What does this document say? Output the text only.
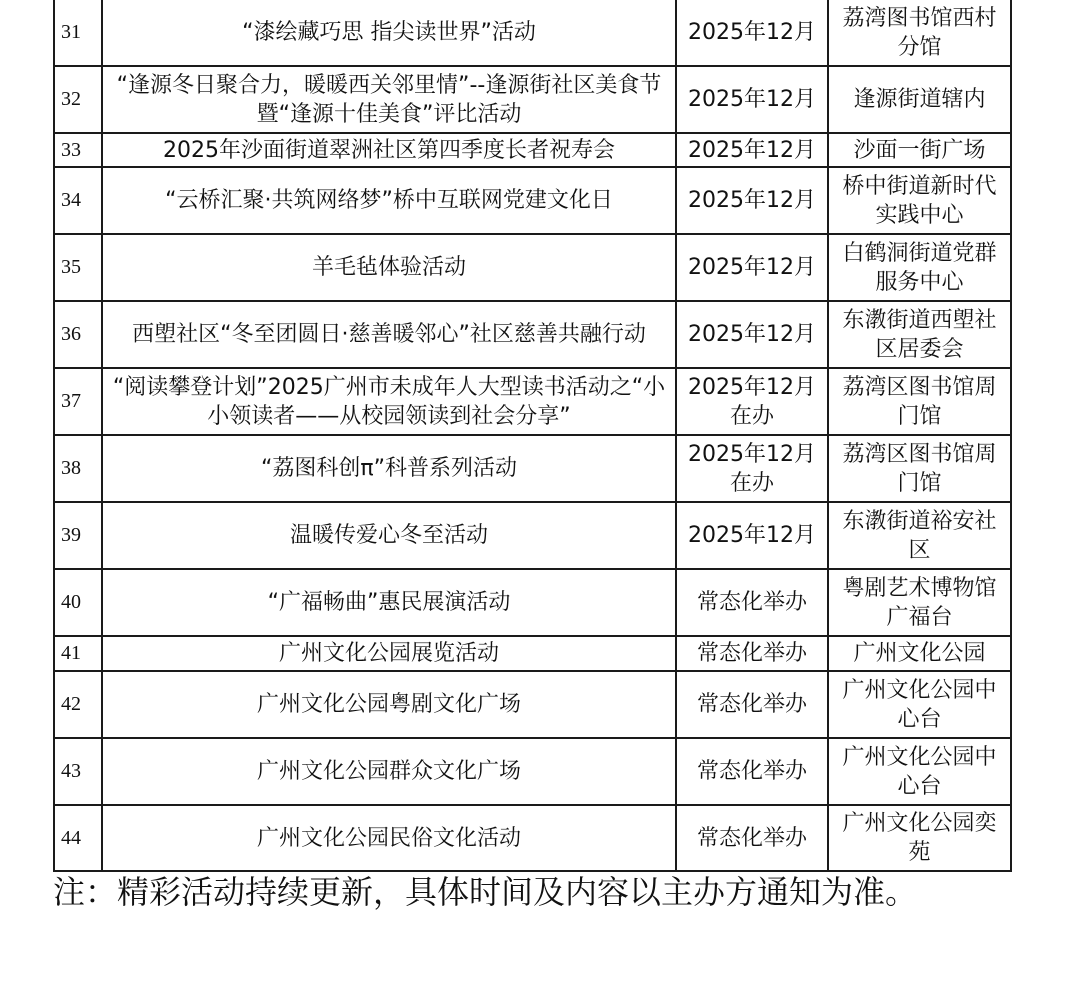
31	“漆绘藏巧思 指尖读世界”活动	2025年12月	荔湾图书馆西村分馆
32	“逢源冬日聚合力，暖暖西关邻里情”--逢源街社区美食节暨“逢源十佳美食”评比活动	2025年12月	逢源街道辖内
33	2025年沙面街道翠洲社区第四季度长者祝寿会	2025年12月	沙面一街广场
34	“云桥汇聚·共筑网络梦”桥中互联网党建文化日	2025年12月	桥中街道新时代实践中心
35	羊毛毡体验活动	2025年12月	白鹤洞街道党群服务中心
36	西塱社区“冬至团圆日·慈善暖邻心”社区慈善共融行动	2025年12月	东漖街道西塱社区居委会
37	“阅读攀登计划”2025广州市未成年人大型读书活动之“小小领读者——从校园领读到社会分享”	2025年12月在办	荔湾区图书馆周门馆
38	“荔图科创π”科普系列活动	2025年12月在办	荔湾区图书馆周门馆
39	温暖传爱心冬至活动	2025年12月	东漖街道裕安社区
40	“广福畅曲”惠民展演活动	常态化举办	粤剧艺术博物馆 广福台
41	广州文化公园展览活动	常态化举办	广州文化公园
42	广州文化公园粤剧文化广场	常态化举办	广州文化公园中心台
43	广州文化公园群众文化广场	常态化举办	广州文化公园中心台
44	广州文化公园民俗文化活动	常态化举办	广州文化公园奕苑
注：精彩活动持续更新，具体时间及内容以主办方通知为准。
